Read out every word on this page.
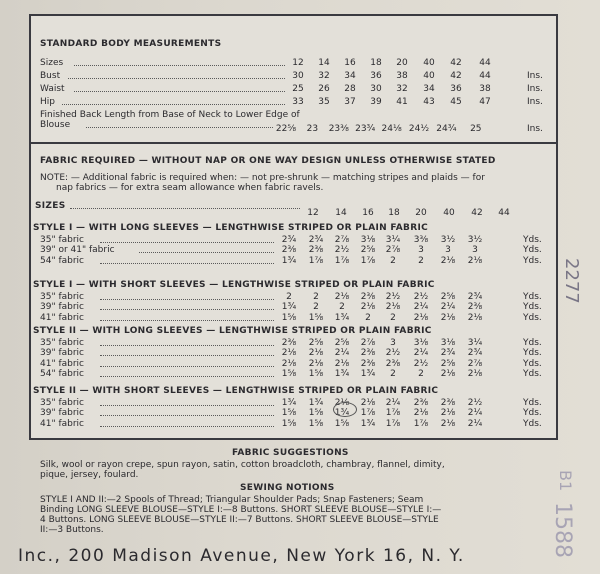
STANDARD BODY MEASUREMENTS
Sizes	12	14	16	18	20	40	42	44
Bust	30	32	34	36	38	40	42	44	Ins.
Waist	25	26	28	30	32	34	36	38	Ins.
Hip	33	35	37	39	41	43	45	47	Ins.
Finished Back Length from Base of Neck to Lower Edge of
Blouse	22⅝	23	23⅜ 23¾ 24⅛ 24½ 24¾	25	Ins.
FABRIC REQUIRED — WITHOUT NAP OR ONE WAY DESIGN UNLESS OTHERWISE STATED
NOTE: — Additional fabric is required when: — not pre-shrunk — matching stripes and plaids — for
nap fabrics — for extra seam allowance when fabric ravels.
SIZES
12	14	16	18	20	40	42	44
STYLE I — WITH LONG SLEEVES — LENGTHWISE STRIPED OR PLAIN FABRIC
35" fabric	2¾	2¾	2⅞	3⅛	3¼	3⅜	3½	3½	Yds.
39" or 41" fabric	2⅜	2⅜	2½	2⅝	2⅞	3	3	3	Yds.
54" fabric	1¾	1⅞	1⅞	1⅞	2	2	2⅛	2⅛	Yds.
STYLE I — WITH SHORT SLEEVES — LENGTHWISE STRIPED OR PLAIN FABRIC
35" fabric	2	2	2⅛	2⅜	2½	2½	2⅝	2¾	Yds.
39" fabric	1¾	2	2	2⅛	2⅛	2¼	2¼	2⅜	Yds.
41" fabric	1⅝	1⅝	1¾	2	2	2⅛	2⅛	2⅛	Yds.
STYLE II — WITH LONG SLEEVES — LENGTHWISE STRIPED OR PLAIN FABRIC
35" fabric	2⅜	2⅝	2⅝	2⅞	3	3⅛	3⅛	3¼	Yds.
39" fabric	2⅛	2⅛	2¼	2⅜	2½	2¼	2¾	2¾	Yds.
41" fabric	2⅛	2⅛	2⅛	2⅜	2⅜	2½	2⅝	2⅞	Yds.
54" fabric	1⅝	1⅝	1¾	1¾	2	2	2⅛	2⅛	Yds.
STYLE II — WITH SHORT SLEEVES — LENGTHWISE STRIPED OR PLAIN FABRIC
35" fabric	1¾	1¾	2⅛	2⅛	2¼	2⅜	2⅜	2½	Yds.
39" fabric	1⅝	1⅝	1¾	1⅞	1⅞	2⅛	2⅛	2¼	Yds.
41" fabric	1⅝	1⅝	1⅝	1¾	1⅞	1⅞	2⅛	2¼	Yds.
FABRIC SUGGESTIONS
Silk, wool or rayon crepe, spun rayon, satin, cotton broadcloth, chambray, flannel, dimity,
pique, jersey, foulard.
SEWING NOTIONS
STYLE I AND II:—2 Spools of Thread; Triangular Shoulder Pads; Snap Fasteners; Seam
Binding LONG SLEEVE BLOUSE—STYLE I:—8 Buttons. SHORT SLEEVE BLOUSE—STYLE I:—
4 Buttons. LONG SLEEVE BLOUSE—STYLE II:—7 Buttons. SHORT SLEEVE BLOUSE—STYLE
II:—3 Buttons.
2277
B1
1588
Inc., 200 Madison Avenue, New York 16, N. Y.
